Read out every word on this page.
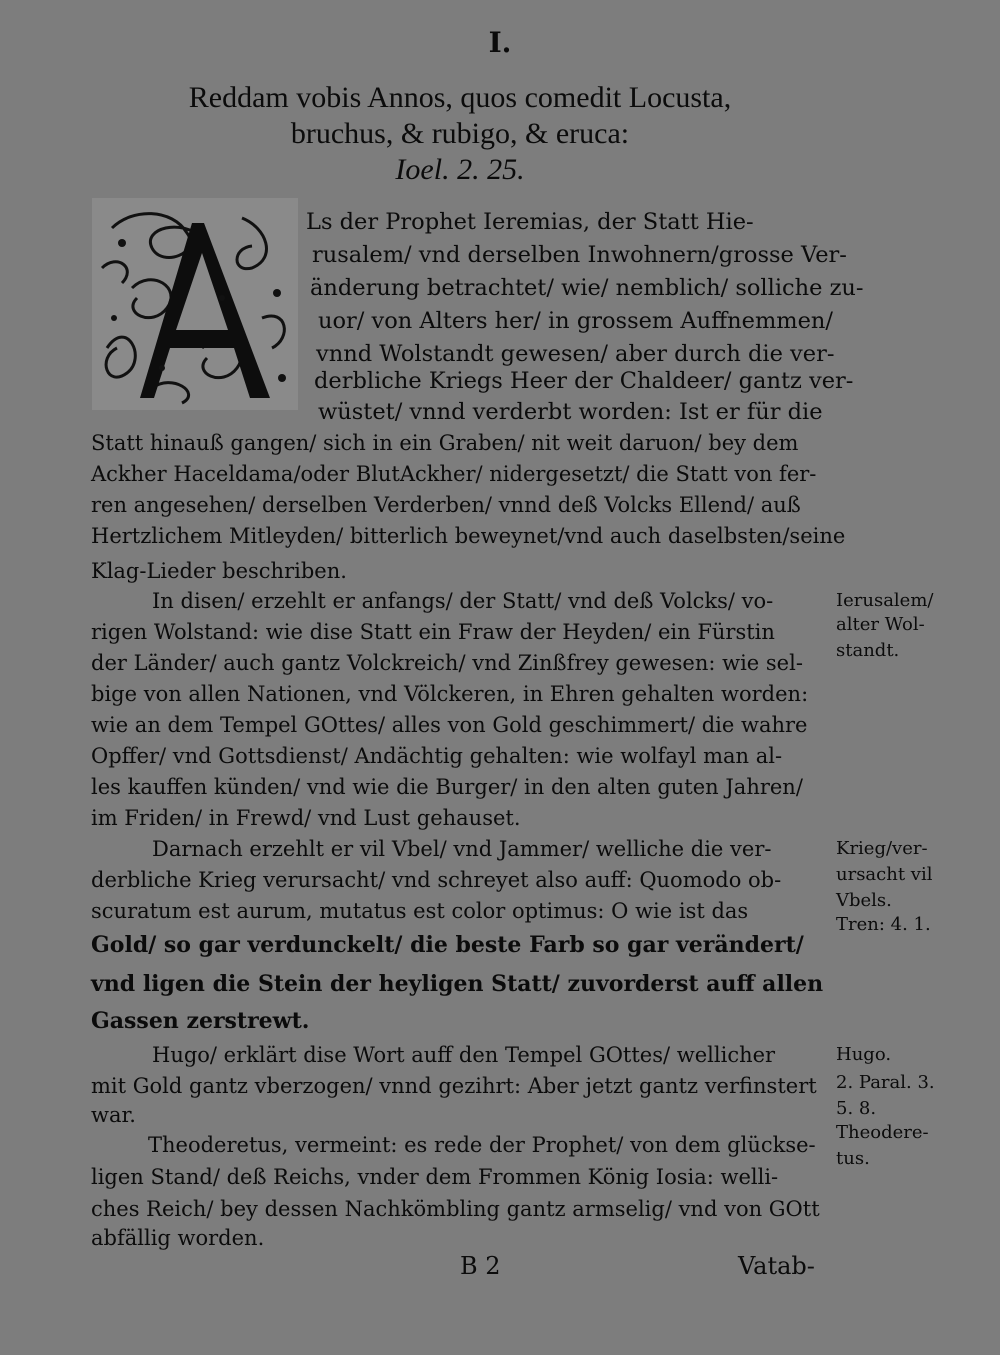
I.
Reddam vobis Annos, quos comedit Locusta,
bruchus, & rubigo, & eruca:
Ioel. 2. 25.
Ls der Prophet Ieremias, der Statt Hie-
rusalem/ vnd derselben Inwohnern/grosse Ver-
änderung betrachtet/ wie/ nemblich/ solliche zu-
uor/ von Alters her/ in grossem Auffnemmen/
vnnd Wolstandt gewesen/ aber durch die ver-
derbliche Kriegs Heer der Chaldeer/ gantz ver-
wüstet/ vnnd verderbt worden: Ist er für die
Statt hinauß gangen/ sich in ein Graben/ nit weit daruon/ bey dem
Ackher Haceldama/oder BlutAckher/ nidergesetzt/ die Statt von fer-
ren angesehen/ derselben Verderben/ vnnd deß Volcks Ellend/ auß
Hertzlichem Mitleyden/ bitterlich beweynet/vnd auch daselbsten/seine
Klag-Lieder beschriben.
In disen/ erzehlt er anfangs/ der Statt/ vnd deß Volcks/ vo-
rigen Wolstand: wie dise Statt ein Fraw der Heyden/ ein Fürstin
der Länder/ auch gantz Volckreich/ vnd Zinßfrey gewesen: wie sel-
bige von allen Nationen, vnd Völckeren, in Ehren gehalten worden:
wie an dem Tempel GOttes/ alles von Gold geschimmert/ die wahre
Opffer/ vnd Gottsdienst/ Andächtig gehalten: wie wolfayl man al-
les kauffen künden/ vnd wie die Burger/ in den alten guten Jahren/
im Friden/ in Frewd/ vnd Lust gehauset.
Darnach erzehlt er vil Vbel/ vnd Jammer/ welliche die ver-
derbliche Krieg verursacht/ vnd schreyet also auff: Quomodo ob-
scuratum est aurum, mutatus est color optimus: O wie ist das
Gold/ so gar verdunckelt/ die beste Farb so gar verändert/
vnd ligen die Stein der heyligen Statt/ zuvorderst auff allen
Gassen zerstrewt.
Hugo/ erklärt dise Wort auff den Tempel GOttes/ wellicher
mit Gold gantz vberzogen/ vnnd gezihrt: Aber jetzt gantz verfinstert
war.
Theoderetus, vermeint: es rede der Prophet/ von dem glückse-
ligen Stand/ deß Reichs, vnder dem Frommen König Iosia: welli-
ches Reich/ bey dessen Nachkömbling gantz armselig/ vnd von GOtt
abfällig worden.
Ierusalem/
alter Wol-
standt.
Krieg/ver-
ursacht vil
Vbels.
Tren: 4. 1.
Hugo.
2. Paral. 3.
5. 8.
Theodere-
tus.
B 2	Vatab-
